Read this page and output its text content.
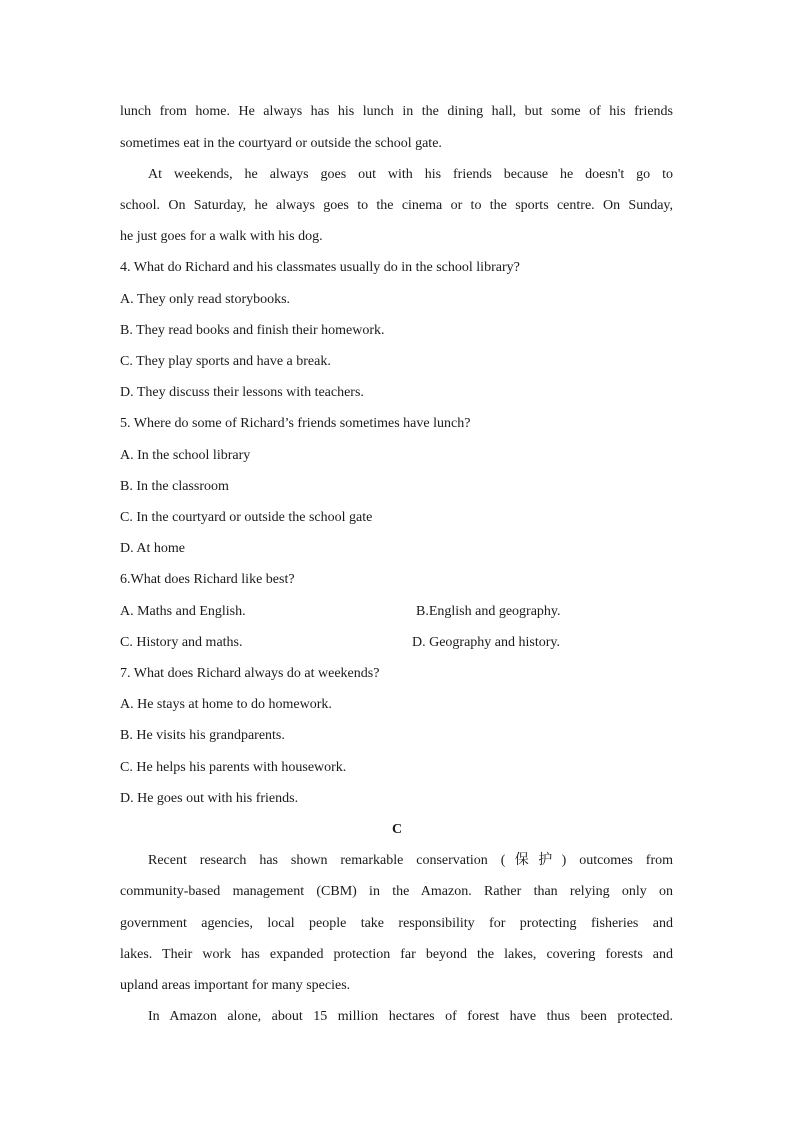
lunch from home. He always has his lunch in the dining hall, but some of his friends
sometimes eat in the courtyard or outside the school gate.
At weekends, he always goes out with his friends because he doesn't go to
school. On Saturday, he always goes to the cinema or to the sports centre. On Sunday,
he just goes for a walk with his dog.
4. What do Richard and his classmates usually do in the school library?
A. They only read storybooks.
B. They read books and finish their homework.
C. They play sports and have a break.
D. They discuss their lessons with teachers.
5. Where do some of Richard’s friends sometimes have lunch?
A. In the school library
B. In the classroom
C. In the courtyard or outside the school gate
D. At home
6.What does Richard like best?
A. Maths and English.	B.English and geography.
C. History and maths.	D. Geography and history.
7. What does Richard always do at weekends?
A. He stays at home to do homework.
B. He visits his grandparents.
C. He helps his parents with housework.
D. He goes out with his friends.
C
Recent research has shown remarkable conservation (保护) outcomes from
community-based management (CBM) in the Amazon. Rather than relying only on
government agencies, local people take responsibility for protecting fisheries and
lakes. Their work has expanded protection far beyond the lakes, covering forests and
upland areas important for many species.
In Amazon alone, about 15 million hectares of forest have thus been protected.
